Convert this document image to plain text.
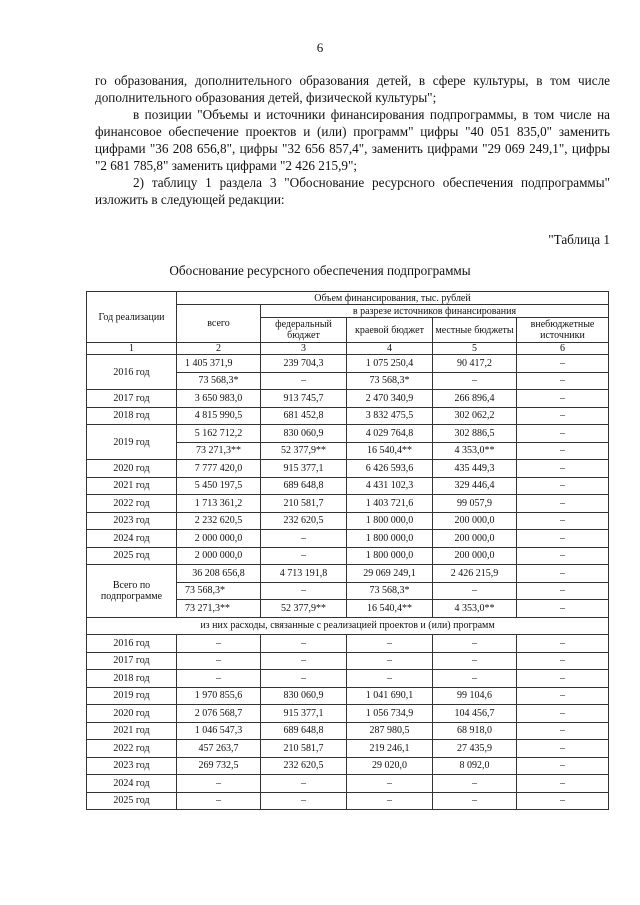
6

го образования, дополнительного образования детей, в сфере культуры, в том числе дополнительного образования детей, физической культуры";

в позиции "Объемы и источники финансирования подпрограммы, в том числе на финансовое обеспечение проектов и (или) программ" цифры "40 051 835,0" заменить цифрами "36 208 656,8", цифры "32 656 857,4", заменить цифрами "29 069 249,1", цифры "2 681 785,8" заменить цифрами "2 426 215,9";

2) таблицу 1 раздела 3 "Обоснование ресурсного обеспечения подпрограммы" изложить в следующей редакции:

"Таблица 1
Обоснование ресурсного обеспечения подпрограммы
Год реализации	Объем финансирования, тыс. рублей				
	всего	в разрезе источников финансирования			
		федеральный бюджет	краевой бюджет	местные бюджеты	внебюджетные источники
1	2	3	4	5	6
2016 год	1 405 371,9	239 704,3	1 075 250,4	90 417,2	–
	73 568,3*	–	73 568,3*	–	–
2017 год	3 650 983,0	913 745,7	2 470 340,9	266 896,4	–
2018 год	4 815 990,5	681 452,8	3 832 475,5	302 062,2	–
2019 год	5 162 712,2	830 060,9	4 029 764,8	302 886,5	–
	73 271,3**	52 377,9**	16 540,4**	4 353,0**	–
2020 год	7 777 420,0	915 377,1	6 426 593,6	435 449,3	–
2021 год	5 450 197,5	689 648,8	4 431 102,3	329 446,4	–
2022 год	1 713 361,2	210 581,7	1 403 721,6	99 057,9	–
2023 год	2 232 620,5	232 620,5	1 800 000,0	200 000,0	–
2024 год	2 000 000,0	–	1 800 000,0	200 000,0	–
2025 год	2 000 000,0	–	1 800 000,0	200 000,0	–
Всего по подпрограмме	36 208 656,8	4 713 191,8	29 069 249,1	2 426 215,9	–
	73 568,3*	–	73 568,3*	–	–
	73 271,3**	52 377,9**	16 540,4**	4 353,0**	–
из них расходы, связанные с реализацией проектов и (или) программ					
2016 год	–	–	–	–	–
2017 год	–	–	–	–	–
2018 год	–	–	–	–	–
2019 год	1 970 855,6	830 060,9	1 041 690,1	99 104,6	–
2020 год	2 076 568,7	915 377,1	1 056 734,9	104 456,7	–
2021 год	1 046 547,3	689 648,8	287 980,5	68 918,0	–
2022 год	457 263,7	210 581,7	219 246,1	27 435,9	–
2023 год	269 732,5	232 620,5	29 020,0	8 092,0	–
2024 год	–	–	–	–	–
2025 год	–	–	–	–	–
